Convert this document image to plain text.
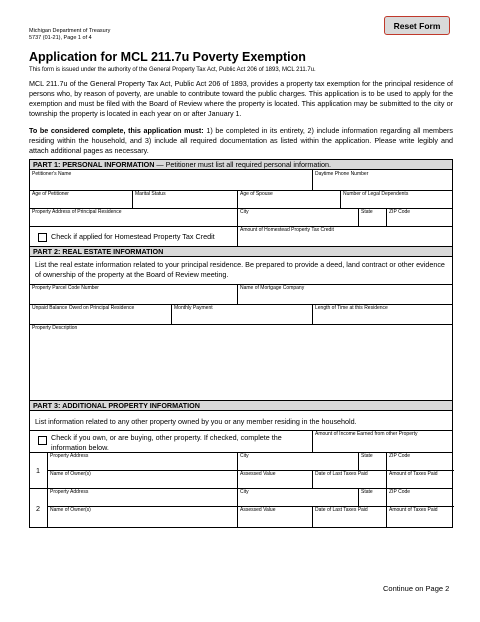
Michigan Department of Treasury
5737 (01-21), Page 1 of 4
Reset Form
Application for MCL 211.7u Poverty Exemption
This form is issued under the authority of the General Property Tax Act, Public Act 206 of 1893, MCL 211.7u.
MCL 211.7u of the General Property Tax Act, Public Act 206 of 1893, provides a property tax exemption for the principal residence of persons who, by reason of poverty, are unable to contribute toward the public charges. This application is to be used to apply for the exemption and must be filed with the Board of Review where the property is located. This application may be submitted to the city or township the property is located in each year on or after January 1.
To be considered complete, this application must: 1) be completed in its entirety, 2) include information regarding all members residing within the household, and 3) include all required documentation as listed within the application. Please write legibly and attach additional pages as necessary.
PART 1: PERSONAL INFORMATION — Petitioner must list all required personal information.
Petitioner's Name	Daytime Phone Number
Age of Petitioner	Marital Status	Age of Spouse	Number of Legal Dependents
Property Address of Principal Residence	City	State	ZIP Code
Check if applied for Homestead Property Tax Credit
Amount of Homestead Property Tax Credit
PART 2: REAL ESTATE INFORMATION
List the real estate information related to your principal residence. Be prepared to provide a deed, land contract or other evidence of ownership of the property at the Board of Review meeting.
Property Parcel Code Number	Name of Mortgage Company
Unpaid Balance Owed on Principal Residence	Monthly Payment	Length of Time at this Residence
Property Description
PART 3: ADDITIONAL PROPERTY INFORMATION
List information related to any other property owned by you or any member residing in the household.
Check if you own, or are buying, other property. If checked, complete the information below.
Amount of Income Earned from other Property
1
Property Address	City	State	ZIP Code
Name of Owner(s)	Assessed Value	Date of Last Taxes Paid	Amount of Taxes Paid
2
Property Address	City	State	ZIP Code
Name of Owner(s)	Assessed Value	Date of Last Taxes Paid	Amount of Taxes Paid
Continue on Page 2
